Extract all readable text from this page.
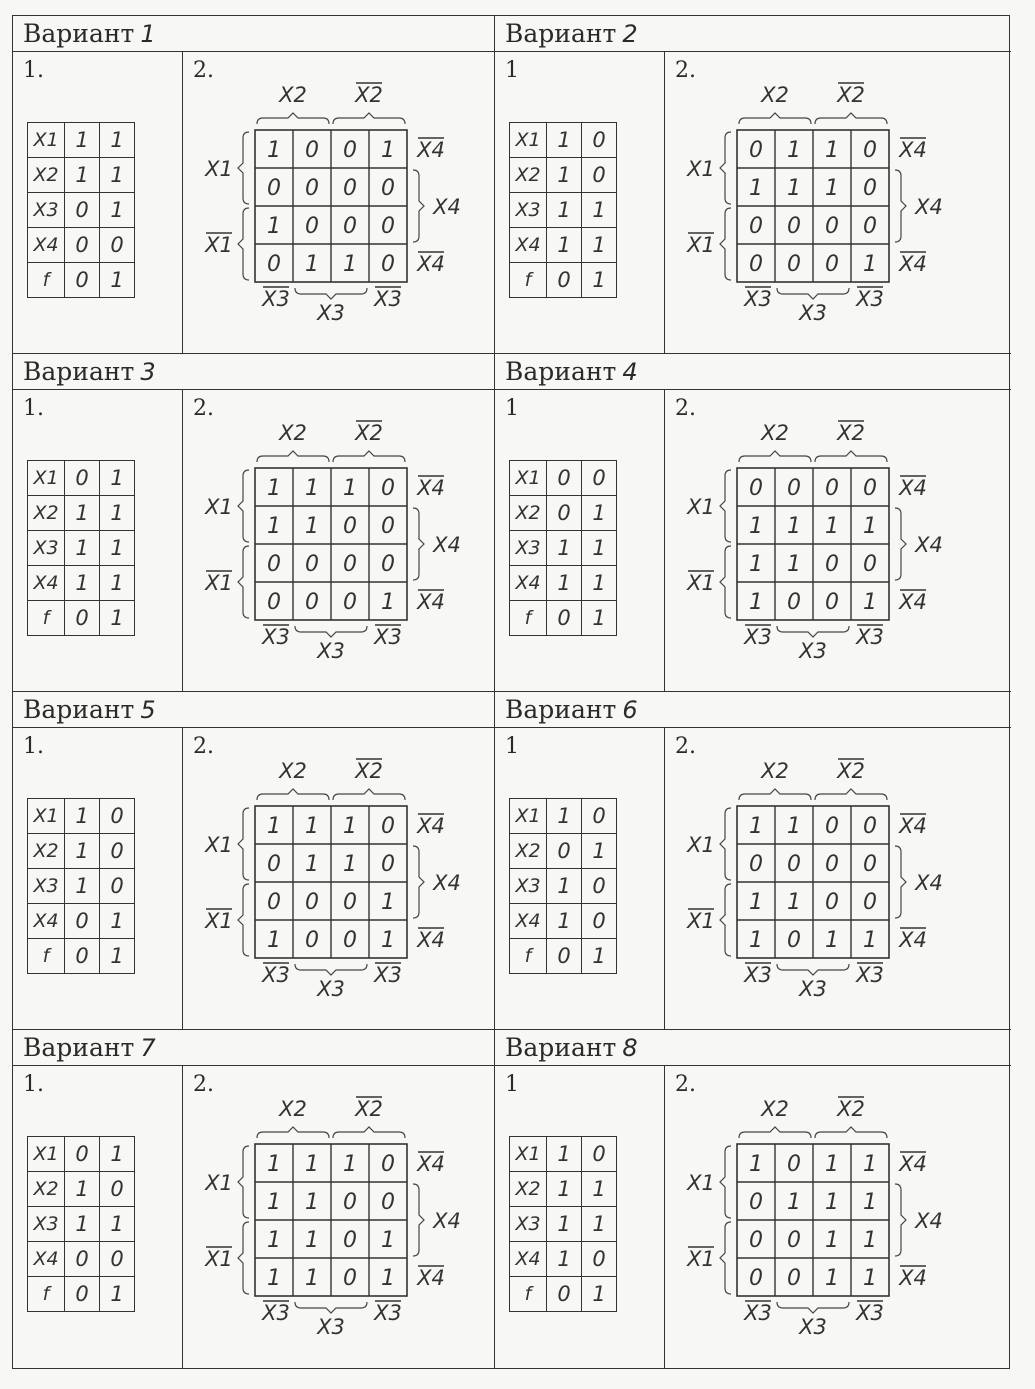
Вариант 1
1.
X1	1	1
X2	1	1
X3	0	1
X4	0	0
f	0	1
2.
1 0 0 1
0 0 0 0
1 0 0 0
0 1 1 0
X2 X2
X1
X1
X4
X4
X4
X3
X3
X3
Вариант 2
1
X1	1	0
X2	1	0
X3	1	1
X4	1	1
f	0	1
2.
0 1 1 0
1 1 1 0
0 0 0 0
0 0 0 1
X2 X2
X1
X1
X4
X4
X4
X3
X3
X3
Вариант 3
1.
X1	0	1
X2	1	1
X3	1	1
X4	1	1
f	0	1
2.
1 1 1 0
1 1 0 0
0 0 0 0
0 0 0 1
X2 X2
X1
X1
X4
X4
X4
X3
X3
X3
Вариант 4
1
X1	0	0
X2	0	1
X3	1	1
X4	1	1
f	0	1
2.
0 0 0 0
1 1 1 1
1 1 0 0
1 0 0 1
X2 X2
X1
X1
X4
X4
X4
X3
X3
X3
Вариант 5
1.
X1	1	0
X2	1	0
X3	1	0
X4	0	1
f	0	1
2.
1 1 1 0
0 1 1 0
0 0 0 1
1 0 0 1
X2 X2
X1
X1
X4
X4
X4
X3
X3
X3
Вариант 6
1
X1	1	0
X2	0	1
X3	1	0
X4	1	0
f	0	1
2.
1 1 0 0
0 0 0 0
1 1 0 0
1 0 1 1
X2 X2
X1
X1
X4
X4
X4
X3
X3
X3
Вариант 7
1.
X1	0	1
X2	1	0
X3	1	1
X4	0	0
f	0	1
2.
1 1 1 0
1 1 0 0
1 1 0 1
1 1 0 1
X2 X2
X1
X1
X4
X4
X4
X3
X3
X3
Вариант 8
1
X1	1	0
X2	1	1
X3	1	1
X4	1	0
f	0	1
2.
1 0 1 1
0 1 1 1
0 0 1 1
0 0 1 1
X2 X2
X1
X1
X4
X4
X4
X3
X3
X3
